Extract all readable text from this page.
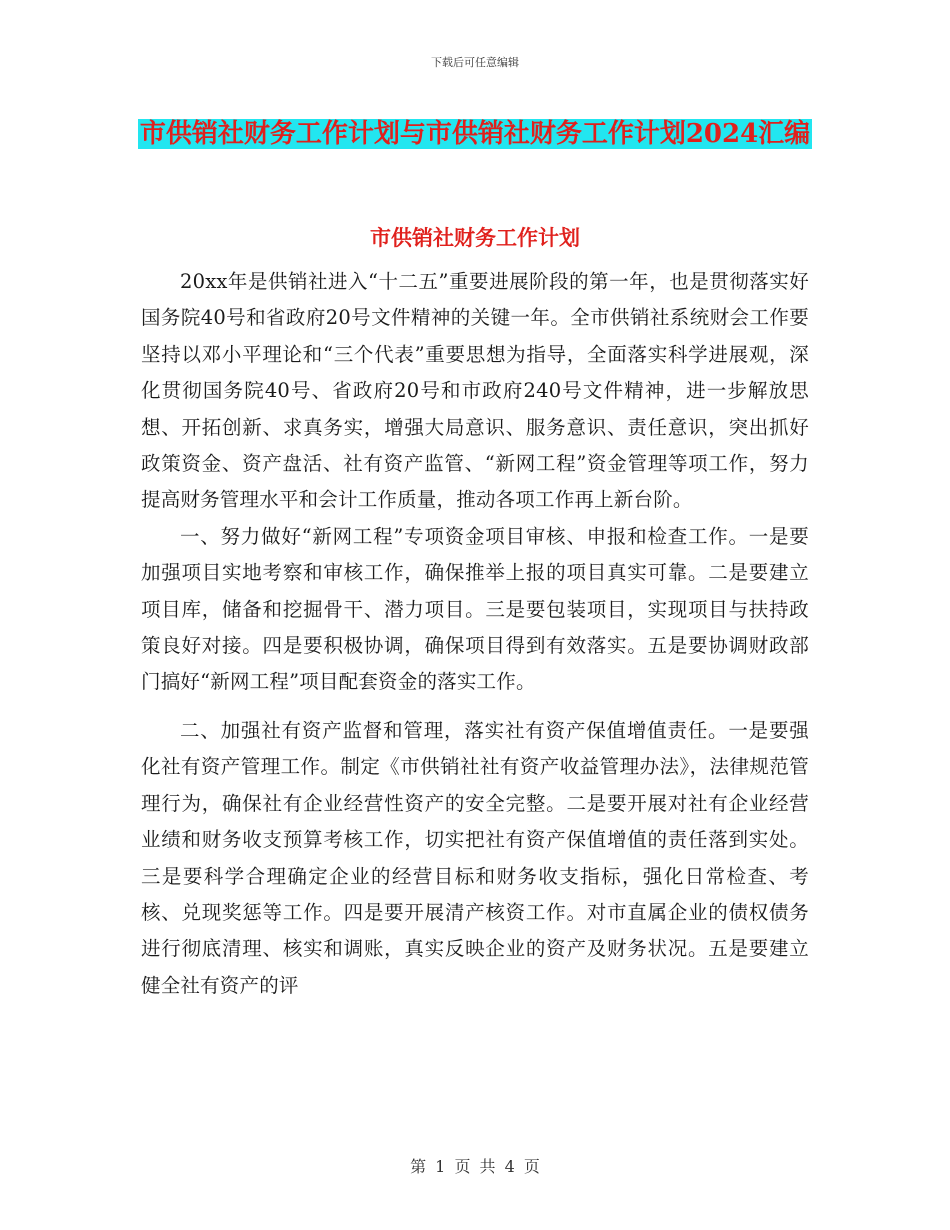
下载后可任意编辑
市供销社财务工作计划与市供销社财务工作计划2024汇编
市供销社财务工作计划

20xx年是供销社进入“十二五”重要进展阶段的第一年，也是贯彻落实好国务院40号和省政府20号文件精神的关键一年。全市供销社系统财会工作要坚持以邓小平理论和“三个代表”重要思想为指导，全面落实科学进展观，深化贯彻国务院40号、省政府20号和市政府240号文件精神，进一步解放思想、开拓创新、求真务实，增强大局意识、服务意识、责任意识，突出抓好政策资金、资产盘活、社有资产监管、“新网工程”资金管理等项工作，努力提高财务管理水平和会计工作质量，推动各项工作再上新台阶。

一、努力做好“新网工程”专项资金项目审核、申报和检查工作。一是要加强项目实地考察和审核工作，确保推举上报的项目真实可靠。二是要建立项目库，储备和挖掘骨干、潜力项目。三是要包装项目，实现项目与扶持政策良好对接。四是要积极协调，确保项目得到有效落实。五是要协调财政部门搞好“新网工程”项目配套资金的落实工作。

二、加强社有资产监督和管理，落实社有资产保值增值责任。一是要强化社有资产管理工作。制定《市供销社社有资产收益管理办法》，法律规范管理行为，确保社有企业经营性资产的安全完整。二是要开展对社有企业经营业绩和财务收支预算考核工作，切实把社有资产保值增值的责任落到实处。三是要科学合理确定企业的经营目标和财务收支指标，强化日常检查、考核、兑现奖惩等工作。四是要开展清产核资工作。对市直属企业的债权债务进行彻底清理、核实和调账，真实反映企业的资产及财务状况。五是要建立健全社有资产的评

第 1 页 共 4 页
